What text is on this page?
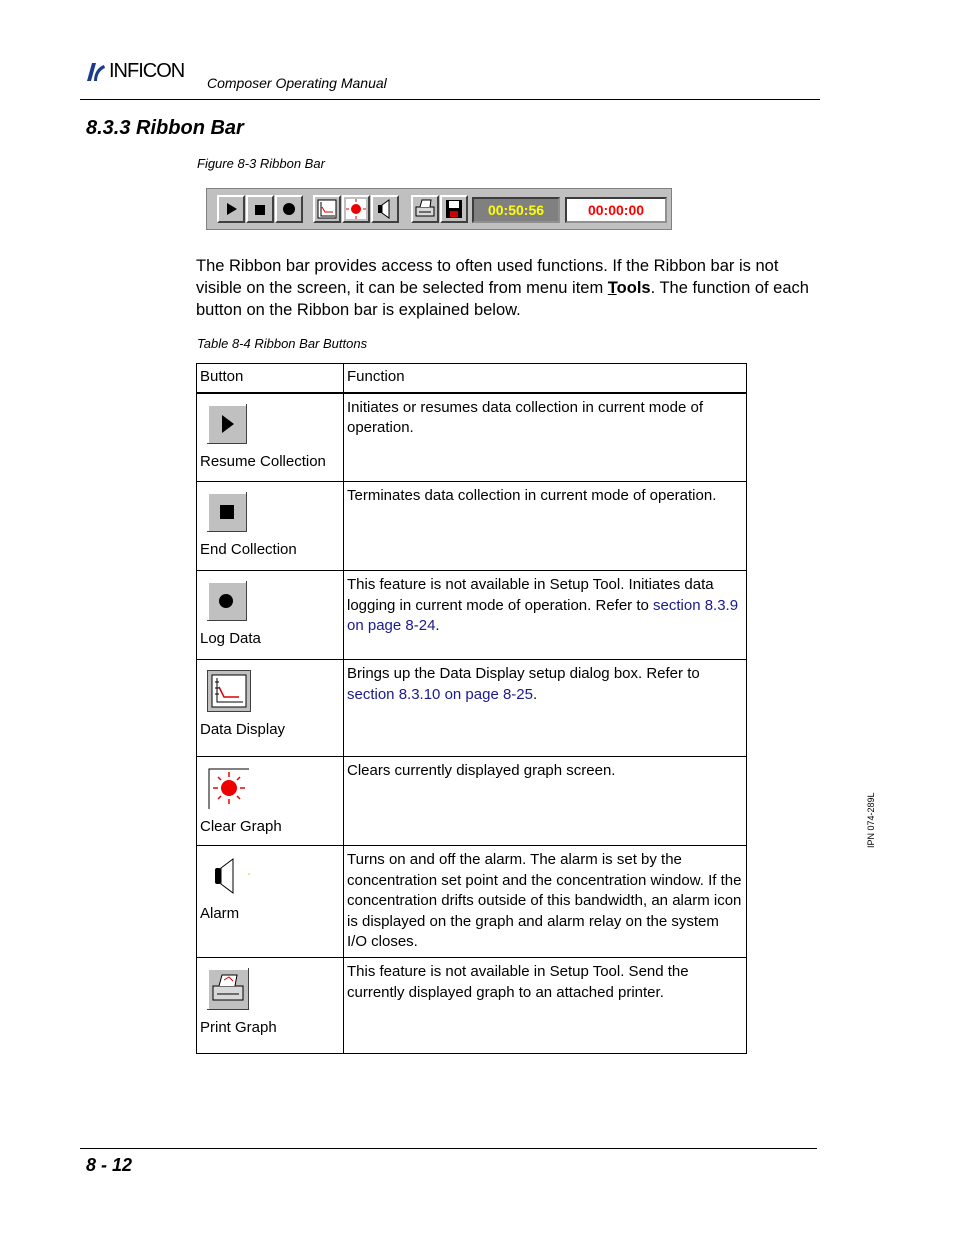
INFICON
Composer Operating Manual
8.3.3 Ribbon Bar
Figure 8-3 Ribbon Bar
00:50:56	00:00:00
The Ribbon bar provides access to often used functions. If the Ribbon bar is not visible on the screen, it can be selected from menu item Tools. The function of each button on the Ribbon bar is explained below.
Table 8-4 Ribbon Bar Buttons
Button	Function

Resume Collection	Initiates or resumes data collection in current mode of operation.

End Collection	Terminates data collection in current mode of operation.

Log Data	This feature is not available in Setup Tool. Initiates data logging in current mode of operation. Refer to section 8.3.9 on page 8-24.

Data Display	Brings up the Data Display setup dialog box. Refer to section 8.3.10 on page 8-25.

Clear Graph	Clears currently displayed graph screen.

Alarm	Turns on and off the alarm. The alarm is set by the concentration set point and the concentration window. If the concentration drifts outside of this bandwidth, an alarm icon is displayed on the graph and alarm relay on the system I/O closes.

Print Graph	This feature is not available in Setup Tool. Send the currently displayed graph to an attached printer.
IPN 074-289L
8 - 12
